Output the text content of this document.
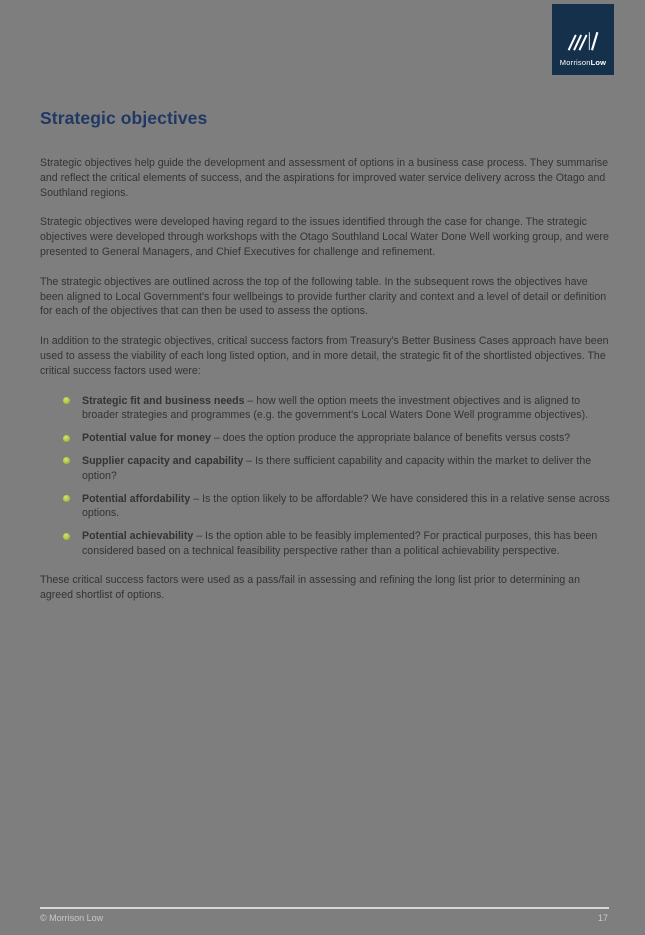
MorrisonLow
Strategic objectives

Strategic objectives help guide the development and assessment of options in a business case process. They summarise and reflect the critical elements of success, and the aspirations for improved water service delivery across the Otago and Southland regions.

Strategic objectives were developed having regard to the issues identified through the case for change. The strategic objectives were developed through workshops with the Otago Southland Local Water Done Well working group, and were presented to General Managers, and Chief Executives for challenge and refinement.

The strategic objectives are outlined across the top of the following table. In the subsequent rows the objectives have been aligned to Local Government's four wellbeings to provide further clarity and context and a level of detail or definition for each of the objectives that can then be used to assess the options.

In addition to the strategic objectives, critical success factors from Treasury's Better Business Cases approach have been used to assess the viability of each long listed option, and in more detail, the strategic fit of the shortlisted objectives. The critical success factors used were:

Strategic fit and business needs – how well the option meets the investment objectives and is aligned to broader strategies and programmes (e.g. the government's Local Waters Done Well programme objectives).
Potential value for money – does the option produce the appropriate balance of benefits versus costs?
Supplier capacity and capability – Is there sufficient capability and capacity within the market to deliver the option?
Potential affordability – Is the option likely to be affordable? We have considered this in a relative sense across options.
Potential achievability – Is the option able to be feasibly implemented? For practical purposes, this has been considered based on a technical feasibility perspective rather than a political achievability perspective.

These critical success factors were used as a pass/fail in assessing and refining the long list prior to determining an agreed shortlist of options.

© Morrison Low	17
